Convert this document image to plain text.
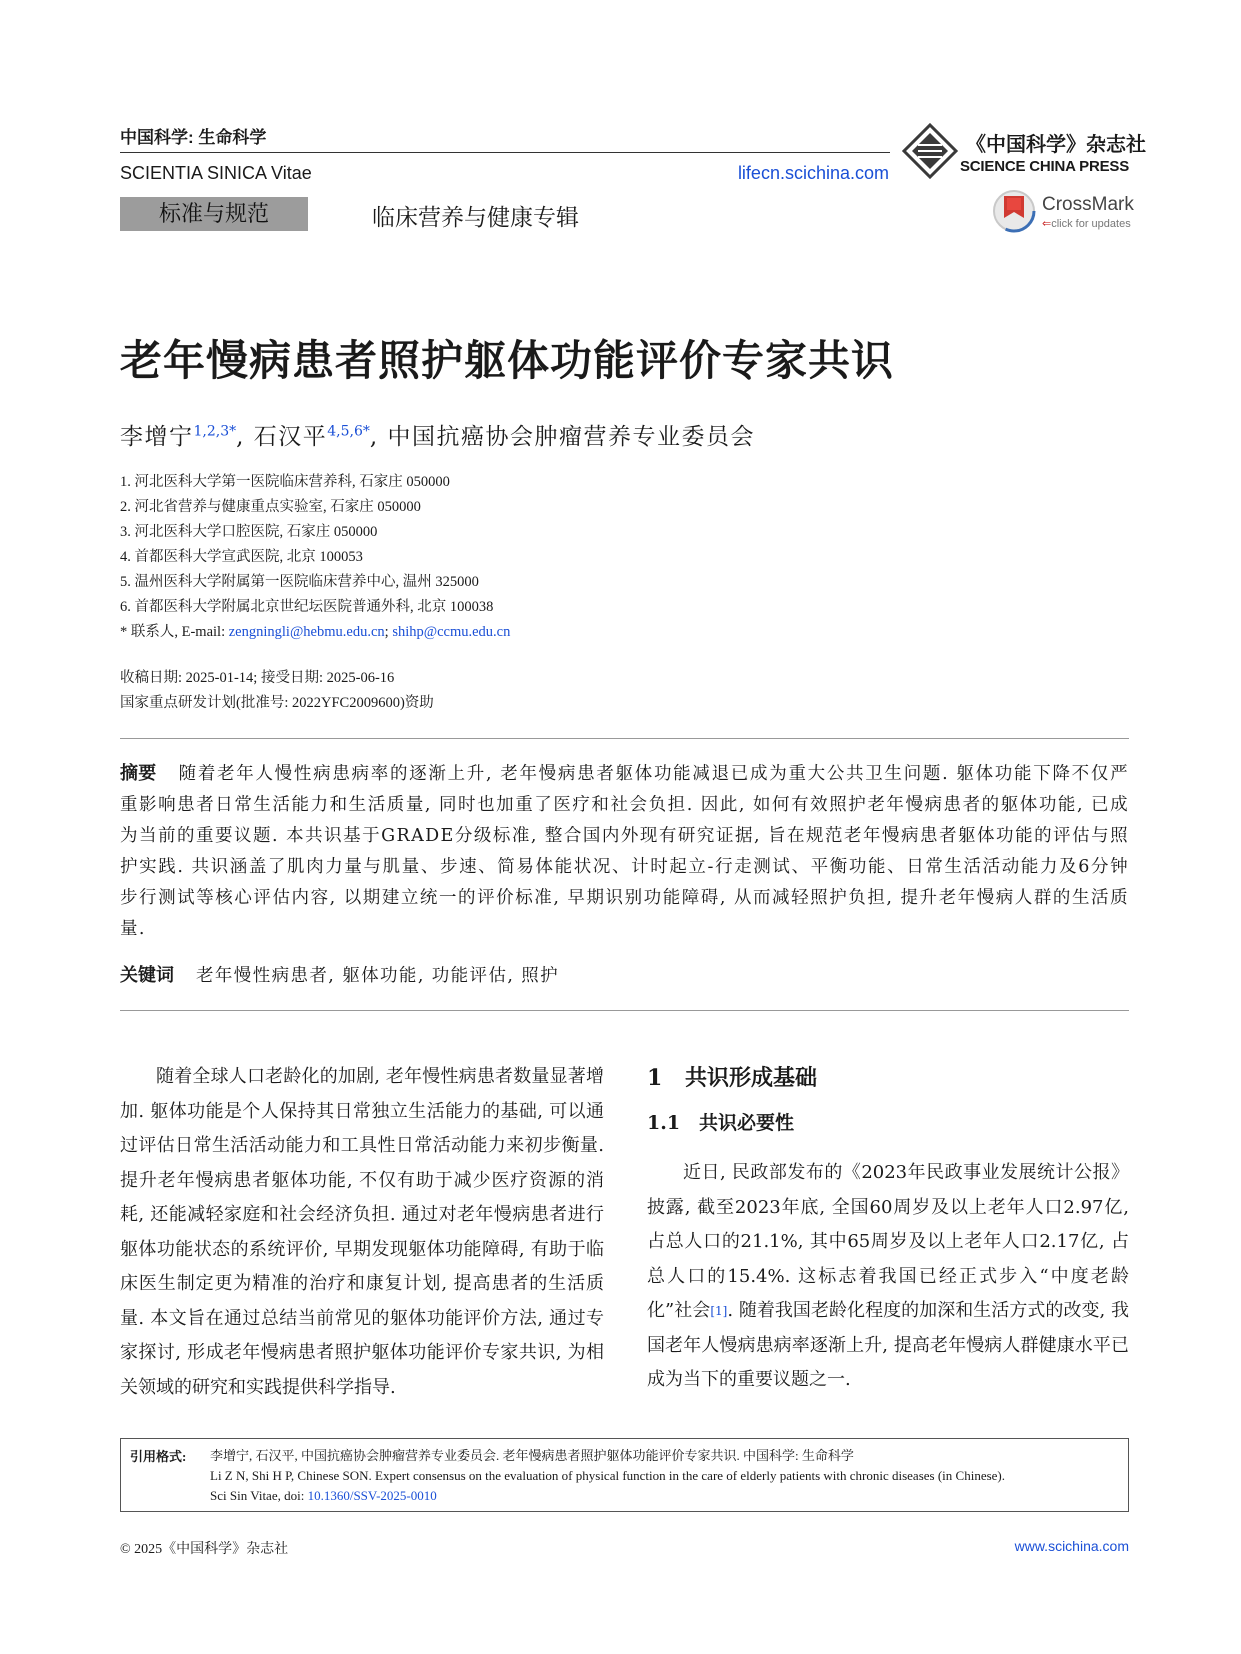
中国科学: 生命科学
SCIENTIA SINICA Vitae	lifecn.scichina.com
标准与规范	临床营养与健康专辑
《中国科学》杂志社
SCIENCE CHINA PRESS
CrossMark
⇐click for updates
老年慢病患者照护躯体功能评价专家共识
李增宁$^{1,2,3*}$, 石汉平$^{4,5,6*}$, 中国抗癌协会肿瘤营养专业委员会
1. 河北医科大学第一医院临床营养科, 石家庄 050000
2. 河北省营养与健康重点实验室, 石家庄 050000
3. 河北医科大学口腔医院, 石家庄 050000
4. 首都医科大学宣武医院, 北京 100053
5. 温州医科大学附属第一医院临床营养中心, 温州 325000
6. 首都医科大学附属北京世纪坛医院普通外科, 北京 100038
* 联系人, E-mail: zengningli@hebmu.edu.cn; shihp@ccmu.edu.cn
收稿日期: 2025-01-14; 接受日期: 2025-06-16
国家重点研发计划(批准号: 2022YFC2009600)资助
摘要 随着老年人慢性病患病率的逐渐上升, 老年慢病患者躯体功能减退已成为重大公共卫生问题. 躯体功能下降不仅严重影响患者日常生活能力和生活质量, 同时也加重了医疗和社会负担. 因此, 如何有效照护老年慢病患者的躯体功能, 已成为当前的重要议题. 本共识基于GRADE分级标准, 整合国内外现有研究证据, 旨在规范老年慢病患者躯体功能的评估与照护实践. 共识涵盖了肌肉力量与肌量、步速、简易体能状况、计时起立-行走测试、平衡功能、日常生活活动能力及6分钟步行测试等核心评估内容, 以期建立统一的评价标准, 早期识别功能障碍, 从而减轻照护负担, 提升老年慢病人群的生活质量.
关键词 老年慢性病患者, 躯体功能, 功能评估, 照护

随着全球人口老龄化的加剧, 老年慢性病患者数量显著增加. 躯体功能是个人保持其日常独立生活能力的基础, 可以通过评估日常生活活动能力和工具性日常活动能力来初步衡量. 提升老年慢病患者躯体功能, 不仅有助于减少医疗资源的消耗, 还能减轻家庭和社会经济负担. 通过对老年慢病患者进行躯体功能状态的系统评价, 早期发现躯体功能障碍, 有助于临床医生制定更为精准的治疗和康复计划, 提高患者的生活质量. 本文旨在通过总结当前常见的躯体功能评价方法, 通过专家探讨, 形成老年慢病患者照护躯体功能评价专家共识, 为相关领域的研究和实践提供科学指导.

1 共识形成基础
1.1 共识必要性

近日, 民政部发布的《2023年民政事业发展统计公报》披露, 截至2023年底, 全国60周岁及以上老年人口2.97亿, 占总人口的21.1%, 其中65周岁及以上老年人口2.17亿, 占总人口的15.4%. 这标志着我国已经正式步入“中度老龄化”社会[1]. 随着我国老龄化程度的加深和生活方式的改变, 我国老年人慢病患病率逐渐上升, 提高老年慢病人群健康水平已成为当下的重要议题之一.

引用格式: 李增宁, 石汉平, 中国抗癌协会肿瘤营养专业委员会. 老年慢病患者照护躯体功能评价专家共识. 中国科学: 生命科学
Li Z N, Shi H P, Chinese SON. Expert consensus on the evaluation of physical function in the care of elderly patients with chronic diseases (in Chinese).
Sci Sin Vitae, doi: 10.1360/SSV-2025-0010
© 2025《中国科学》杂志社	www.scichina.com
